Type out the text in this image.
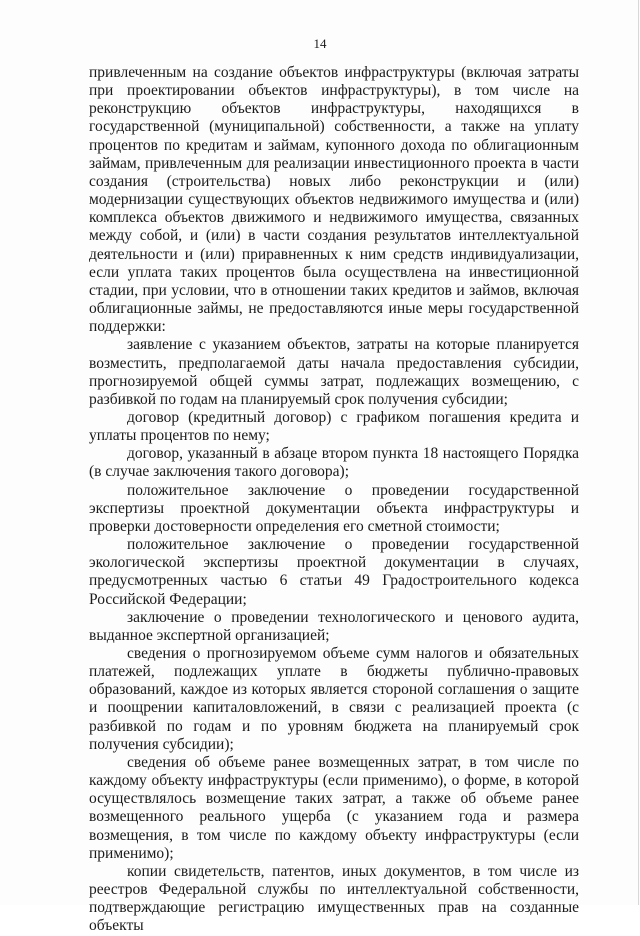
14

привлеченным на создание объектов инфраструктуры (включая затраты при проектировании объектов инфраструктуры), в том числе на реконструкцию объектов инфраструктуры, находящихся в государственной (муниципальной) собственности, а также на уплату процентов по кредитам и займам, купонного дохода по облигационным займам, привлеченным для реализации инвестиционного проекта в части создания (строительства) новых либо реконструкции и (или) модернизации существующих объектов недвижимого имущества и (или) комплекса объектов движимого и недвижимого имущества, связанных между собой, и (или) в части создания результатов интеллектуальной деятельности и (или) приравненных к ним средств индивидуализации, если уплата таких процентов была осуществлена на инвестиционной стадии, при условии, что в отношении таких кредитов и займов, включая облигационные займы, не предоставляются иные меры государственной поддержки:

заявление с указанием объектов, затраты на которые планируется возместить, предполагаемой даты начала предоставления субсидии, прогнозируемой общей суммы затрат, подлежащих возмещению, с разбивкой по годам на планируемый срок получения субсидии;

договор (кредитный договор) с графиком погашения кредита и уплаты процентов по нему;

договор, указанный в абзаце втором пункта 18 настоящего Порядка (в случае заключения такого договора);

положительное заключение о проведении государственной экспертизы проектной документации объекта инфраструктуры и проверки достоверности определения его сметной стоимости;

положительное заключение о проведении государственной экологической экспертизы проектной документации в случаях, предусмотренных частью 6 статьи 49 Градостроительного кодекса Российской Федерации;

заключение о проведении технологического и ценового аудита, выданное экспертной организацией;

сведения о прогнозируемом объеме сумм налогов и обязательных платежей, подлежащих уплате в бюджеты публично-правовых образований, каждое из которых является стороной соглашения о защите и поощрении капиталовложений, в связи с реализацией проекта (с разбивкой по годам и по уровням бюджета на планируемый срок получения субсидии);

сведения об объеме ранее возмещенных затрат, в том числе по каждому объекту инфраструктуры (если применимо), о форме, в которой осуществлялось возмещение таких затрат, а также об объеме ранее возмещенного реального ущерба (с указанием года и размера возмещения, в том числе по каждому объекту инфраструктуры (если применимо);

копии свидетельств, патентов, иных документов, в том числе из реестров Федеральной службы по интеллектуальной собственности, подтверждающие регистрацию имущественных прав на созданные объекты
